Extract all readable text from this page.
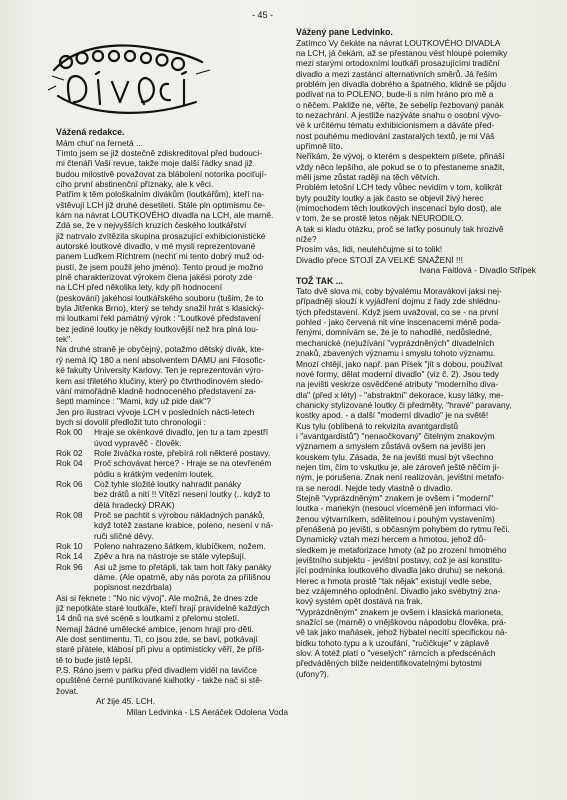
- 45 -

Vážená redakce.

Mám chuť na fernetá ...

Tímto jsem se již dostečně zdiskreditoval před budoucí-

mi čtenáři Vaší revue, takže moje další řádky snad již

budou milostivě považovat za blábolení notorika pociťují-

cího první abstinenční příznaky, ale k věci.

Patřím k těm pološkalním divákům (loutkářům), kteří na-

vštěvují LCH již druhé desetiletí. Stále pln optimismu če-

kám na návrat LOUTKOVÉHO divadla na LCH, ale marně.

Zdá se, že v nejvyšších kruzích českého loutkářství

již natrvalo zvítězila skupina prosazující exhibicionistické

autorské loutkové divadlo, v mé mysli reprezentované

panem Luďkem Richtrem (nechť mi tento dobrý muž od-

pustí, že jsem použil jeho jméno). Tento proud je možno

plně charakterizovat výrokem člena jakési poroty zde

na LCH před několika lety, kdy při hodnocení

(peskování) jakéhosi loutkářského souboru (tušim, že to

byla Jitřenka Brno), který se tehdy snažil hrát s klasický-

mi loutkami řekl památný výrok : "Loutkové představení

bez jediné loutky je někdy loutkovější než hra plná lou-

tek".

Na druhé straně je obyčejný, potažmo dětský divák, kte-

rý nemá IQ 180 a není absolventem DAMU ani Filosofic-

ké fakulty University Karlovy. Ten je reprezentován výro-

kem asi třiletého klučiny, který po čtvrthodinovém sledo-

vání mimořádně kladně hodnoceného představení za-

šeptl mamince : "Mami, kdy už pide dak"?

Jen pro ilustraci vývoje LCH v posledních nácti-letech

bych si dovolil předložit tuto chronologii :

Rok 00	Hraje se okénkové divadlo, jen tu a tam zpestří

úvod vypravěč - člověk.

Rok 02	Role živáčka roste, přebírá roli některé postavy.

Rok 04	Proč schovávat herce? - Hraje se na otevřeném

pódiu s krátkým vedením loutek.

Rok 06	Což tyhle složité loutky nahradit panáky

bez drátů a nití !! Vítězí nesení loutky (.. když to

dělá hradecký DRAK)

Rok 08	Proč se pachtit s výrobou nákladných panáků,

když totéž zastane krabice, poleno, nesení v ná-

ruči slíčné děvy.

Rok 10	Poleno nahrazeno šátkem, klubíčkem, nožem.

Rok 14	Zpěv a hra na nástroje se stále vylepšují.

Rok 96	Asi už jsme to přetápli, tak tam holt řáky panáky

dáme. (Ale opatrně, aby nás porota za přílišnou

popisnost nezdrbala)

Asi si řeknete : "No nic vývoj". Ale možná, že dnes zde

již nepotkáte staré loutkáře, kteří hrají pravidelně každých

14 dnů na své scéně s loutkami z přelomu století.

Nemají žádné umělecké ambice, jenom hrají pro děti.

Ale dost sentimentu. Ti, co jsou zde, se baví, potkávají

staré přátele, klábosí při pivu a optimisticky věří, že příš-

tě to bude jistě lepší.

P.S. Ráno jsem v parku před divadlem viděl na lavičce

opuštěné černé puntíkované kalhotky - takže nač si stě-

žovat.

Ať žije 45. LCH.

Milan Ledvinka - LS Aeráček Odolena Voda

Vážený pane Ledvinko.

Zatímco Vy čekáte na návrat LOUTKOVÉHO DIVADLA

na LCH, já čekám, až se přestanou vést hloupé polemiky

mezi starými ortodoxními loutkáři prosazujícími tradiční

divadlo a mezi zastánci alternativních směrů. Já řeším

problém jen divadla dobrého a špatného, klidně se půjdu

podívat na to POLENO, bude-li s ním hráno pro mě a

o něčem. Pakliže ne, věřte, že sebelíp řezbovaný panák

to nezachrání. A jestliže nazýváte snahu o osobní vývo-

vé k určitému tématu exhibicionismem a dáváte před-

nost pouhému mediování zastaralých textů, je mi Váš

upřímně líto.

Neříkám, že vývoj, o kterém s despektem píšete, přináší

vždy něco lepšího, ale pokud se o to přestaneme snažit,

měli jsme zůstat raději na těch větvích.

Problém letošní LCH tedy vůbec nevidím v tom, kolikrát

byly použity loutky a jak často se objevil živý herec

(mimochodem těch loutkových inscenací bylo dost), ale

v tom, že se prostě letos nějak NEURODILO.

A tak si kladu otázku, proč se laťky posunuly tak hrozivě

níže?

Prosím vás, lidi, neulehčujme si to tolik!

Divadlo přece STOJÍ ZA VELKÉ SNAŽENÍ !!!

Ivana Faitlová - Divadlo Střípek

TOŽ TAK ...

Tato dvě slova mi, coby bývalému Moravákovi jaksi nej-

případněji slouží k vyjádření dojmu z řady zde shlédnu-

tých představení. Když jsem uvažoval, co se - na první

pohled - jako červená nit vine inscenacemi méně poda-

řenými, domnívám se, že je to nahodilé, nedůsledné,

mechanické (ne)užívání "vyprázdněných" divadelních

znaků, zbavených významu i smyslu tohoto významu.

Mnozí chtějí, jako např. pan Písek "jít s dobou, používat

nové formy, dělat moderní divadlo" (viz č. 2). Jsou tedy

na jevišti veskrze osvědčené atributy "moderního diva-

dla" (před x léty) - "abstraktní" dekorace, kusy látky, me-

chanicky stylizované loutky či předměty, "hravé" paravany,

kostky apod. - a další "moderní divadlo" je na světě!

Kus tylu (oblíbená to rekvizita avantgardistů

i "avantgardistů") "nenaočkovaný" čitelným znakovým

významem a smyslem zůstává ovšem na jevišti jen

kouskem tylu. Zásada, že na jevišti musí být všechno

nejen tím, čím to vskutku je, ale zároveň ještě něčím ji-

ným, je porušena. Znak není realizován, jevištní metafo-

ra se nerodí. Nejde tedy vlastně o divadlo.

Stejně "vyprázdněným" znakem je ovšem i "moderní"

loutka - manekýn (nesoucí víceméně jen informaci vlo-

ženou výtvarníkem, sdělitelnou i pouhým vystavením)

přenášená po jevišti, s občasným pohybem do rytmu řeči.

Dynamický vztah mezi hercem a hmotou, jehož dů-

sledkem je metaforizace hmoty (až po zrození hmotného

jevištního subjektu - jevištní postavy, což je asi konstitu-

jící podmínka loutkového divadla jako druhu) se nekoná.

Herec a hmota prostě "tak nějak" existují vedle sebe,

bez vzájemného oplodnění. Divadlo jako svébytný zna-

kový systém opět dostává na frak.

"Vyprázdněným" znakem je ovšem i klasická marioneta,

snažící se (marně) o vnějškovou nápodobu člověka, prá-

vě tak jako maňásek, jehož hýbatel necítí specifickou ná-

bidku tohoto typu a k uzoufání, "ručičkuje" v záplavě

slov. A totéž platí o "veselých" rámcích a předscénách

předváděných bliže neidentifikovatelnými bytostmi

(ufony?).
